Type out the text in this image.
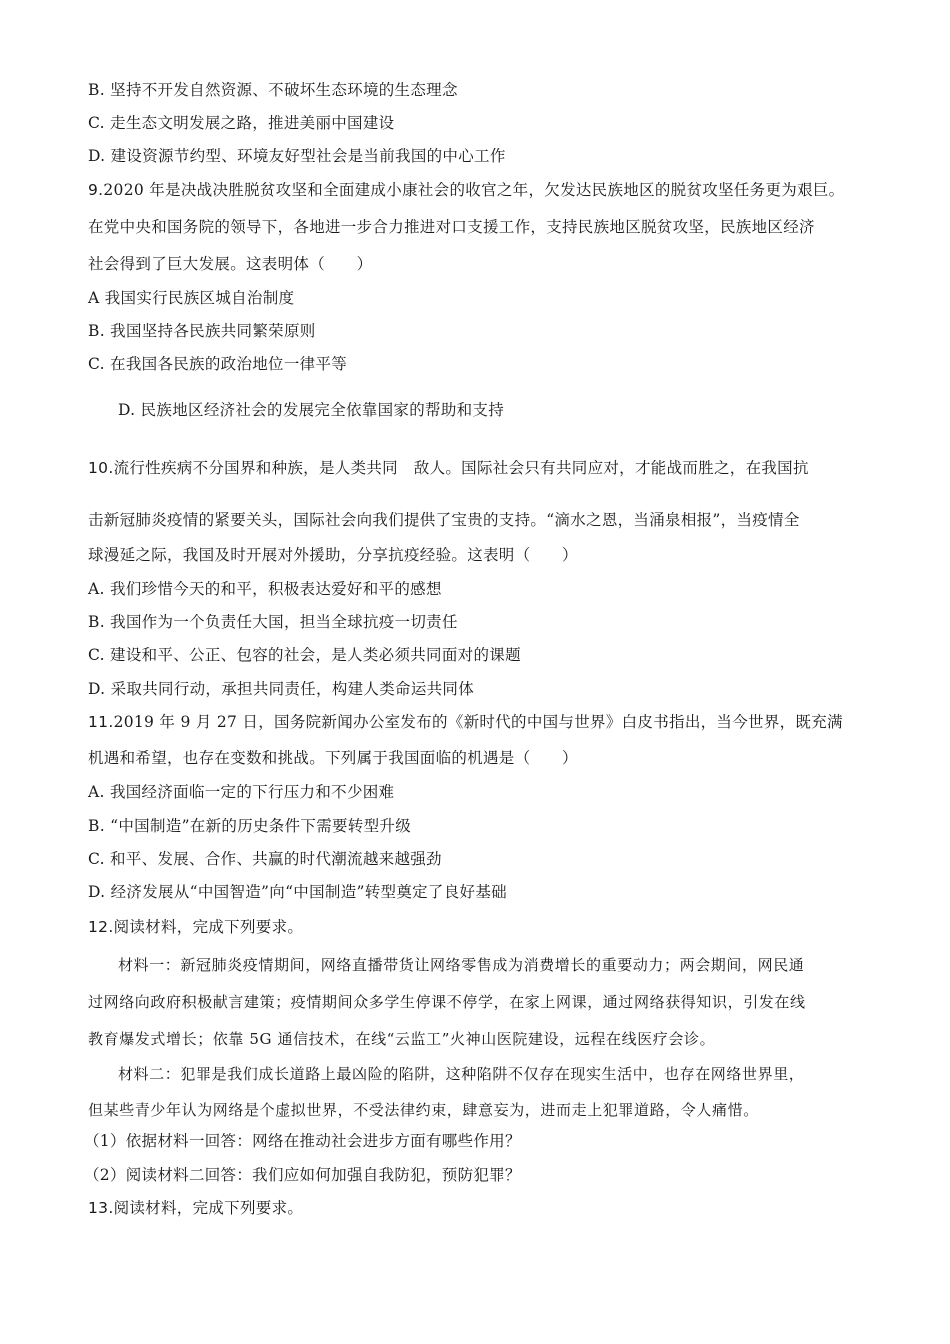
B. 坚持不开发自然资源、不破坏生态环境的生态理念
C. 走生态文明发展之路，推进美丽中国建设
D. 建设资源节约型、环境友好型社会是当前我国的中心工作
9.2020 年是决战决胜脱贫攻坚和全面建成小康社会的收官之年，欠发达民族地区的脱贫攻坚任务更为艰巨。
在党中央和国务院的领导下，各地进一步合力推进对口支援工作，支持民族地区脱贫攻坚，民族地区经济
社会得到了巨大发展。这表明体（　　）
A 我国实行民族区城自治制度
B. 我国坚持各民族共同繁荣原则
C. 在我国各民族的政治地位一律平等
D. 民族地区经济社会的发展完全依靠国家的帮助和支持
10.流行性疾病不分国界和种族，是人类共同　敌人。国际社会只有共同应对，才能战而胜之，在我国抗
击新冠肺炎疫情的紧要关头，国际社会向我们提供了宝贵的支持。“滴水之恩，当涌泉相报”，当疫情全
球漫延之际，我国及时开展对外援助，分享抗疫经验。这表明（　　）
A. 我们珍惜今天的和平，积极表达爱好和平的感想
B. 我国作为一个负责任大国，担当全球抗疫一切责任
C. 建设和平、公正、包容的社会，是人类必须共同面对的课题
D. 采取共同行动，承担共同责任，构建人类命运共同体
11.2019 年 9 月 27 日，国务院新闻办公室发布的《新时代的中国与世界》白皮书指出，当今世界，既充满
机遇和希望，也存在变数和挑战。下列属于我国面临的机遇是（　　）
A. 我国经济面临一定的下行压力和不少困难
B. “中国制造”在新的历史条件下需要转型升级
C. 和平、发展、合作、共赢的时代潮流越来越强劲
D. 经济发展从“中国智造”向“中国制造”转型奠定了良好基础
12.阅读材料，完成下列要求。
材料一：新冠肺炎疫情期间，网络直播带货让网络零售成为消费增长的重要动力；两会期间，网民通
过网络向政府积极献言建策；疫情期间众多学生停课不停学，在家上网课，通过网络获得知识，引发在线
教育爆发式增长；依靠 5G 通信技术，在线“云监工”火神山医院建设，远程在线医疗会诊。
材料二：犯罪是我们成长道路上最凶险的陷阱，这种陷阱不仅存在现实生活中，也存在网络世界里，
但某些青少年认为网络是个虚拟世界，不受法律约束，肆意妄为，进而走上犯罪道路，令人痛惜。
（1）依据材料一回答：网络在推动社会进步方面有哪些作用？
（2）阅读材料二回答：我们应如何加强自我防犯，预防犯罪？
13.阅读材料，完成下列要求。
